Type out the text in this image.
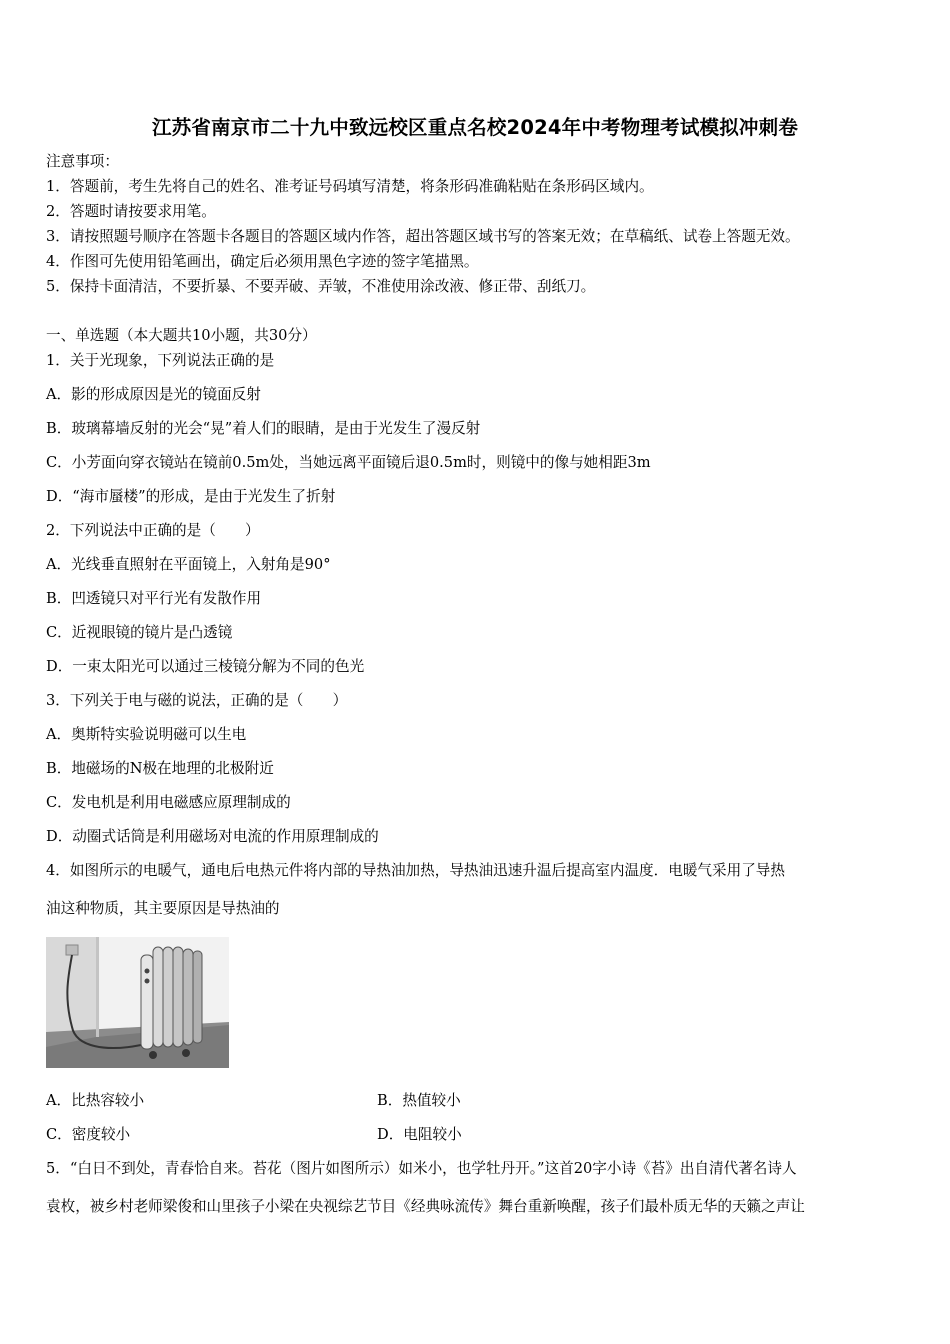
江苏省南京市二十九中致远校区重点名校2024年中考物理考试模拟冲刺卷
注意事项：
1．答题前，考生先将自己的姓名、准考证号码填写清楚，将条形码准确粘贴在条形码区域内。
2．答题时请按要求用笔。
3．请按照题号顺序在答题卡各题目的答题区域内作答，超出答题区域书写的答案无效；在草稿纸、试卷上答题无效。
4．作图可先使用铅笔画出，确定后必须用黑色字迹的签字笔描黑。
5．保持卡面清洁，不要折暴、不要弄破、弄皱，不准使用涂改液、修正带、刮纸刀。
一、单选题（本大题共10小题，共30分）
1．关于光现象，下列说法正确的是
A．影的形成原因是光的镜面反射
B．玻璃幕墙反射的光会“晃”着人们的眼睛，是由于光发生了漫反射
C．小芳面向穿衣镜站在镜前0.5m处，当她远离平面镜后退0.5m时，则镜中的像与她相距3m
D．“海市蜃楼”的形成，是由于光发生了折射
2．下列说法中正确的是（　　）
A．光线垂直照射在平面镜上，入射角是90°
B．凹透镜只对平行光有发散作用
C．近视眼镜的镜片是凸透镜
D．一束太阳光可以通过三棱镜分解为不同的色光
3．下列关于电与磁的说法，正确的是（　　）
A．奥斯特实验说明磁可以生电
B．地磁场的N极在地理的北极附近
C．发电机是利用电磁感应原理制成的
D．动圈式话筒是利用磁场对电流的作用原理制成的
4．如图所示的电暖气，通电后电热元件将内部的导热油加热，导热油迅速升温后提高室内温度．电暖气采用了导热
油这种物质，其主要原因是导热油的
A．比热容较小	B．热值较小
C．密度较小	D．电阻较小
5．“白日不到处，青春恰自来。苔花（图片如图所示）如米小，也学牡丹开。”这首20字小诗《苔》出自清代著名诗人
袁枚，被乡村老师梁俊和山里孩子小梁在央视综艺节目《经典咏流传》舞台重新唤醒，孩子们最朴质无华的天籁之声让
